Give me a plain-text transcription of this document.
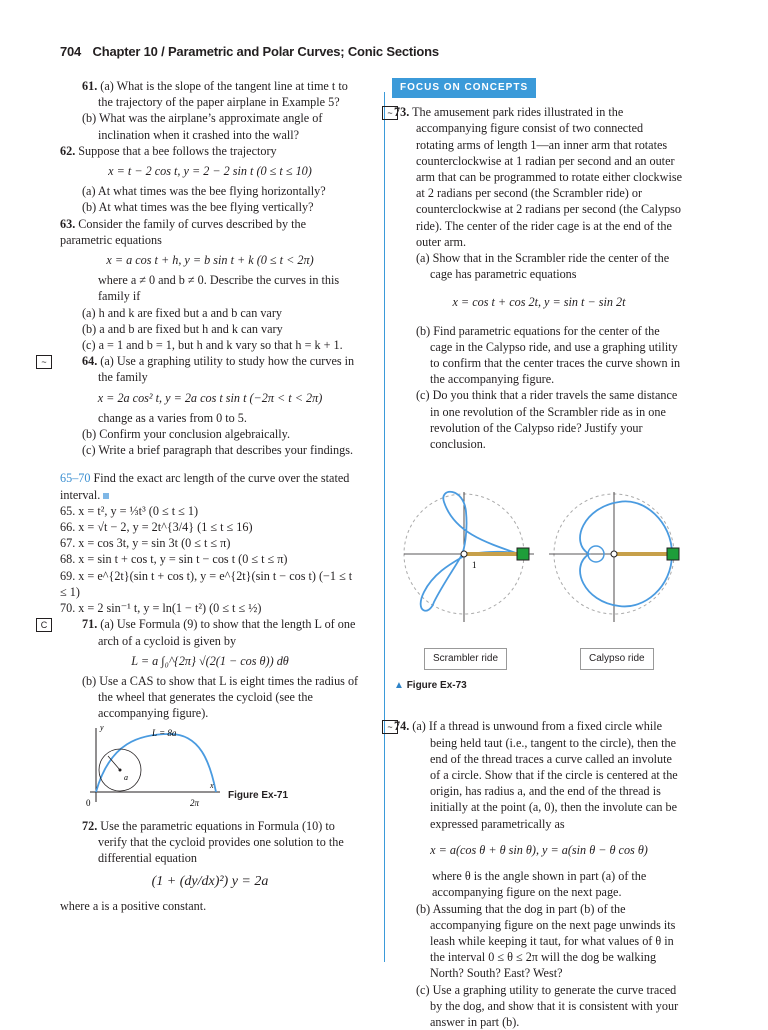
704 Chapter 10 / Parametric and Polar Curves; Conic Sections

61. (a) What is the slope of the tangent line at time t to the trajectory of the paper airplane in Example 5?

(b) What was the airplane’s approximate angle of inclination when it crashed into the wall?

62. Suppose that a bee follows the trajectory

x = t − 2 cos t, y = 2 − 2 sin t (0 ≤ t ≤ 10)

(a) At what times was the bee flying horizontally?

(b) At what times was the bee flying vertically?

63. Consider the family of curves described by the parametric equations

x = a cos t + h, y = b sin t + k (0 ≤ t < 2π)

where a ≠ 0 and b ≠ 0. Describe the curves in this family if

(a) h and k are fixed but a and b can vary

(b) a and b are fixed but h and k can vary

(c) a = 1 and b = 1, but h and k vary so that h = k + 1.

~	64. (a) Use a graphing utility to study how the curves in the family

x = 2a cos² t, y = 2a cos t sin t (−2π < t < 2π)

change as a varies from 0 to 5.

(b) Confirm your conclusion algebraically.

(c) Write a brief paragraph that describes your findings.

65–70 Find the exact arc length of the curve over the stated interval.

65. x = t², y = ⅓t³ (0 ≤ t ≤ 1)

66. x = √t − 2, y = 2t^{3/4} (1 ≤ t ≤ 16)

67. x = cos 3t, y = sin 3t (0 ≤ t ≤ π)

68. x = sin t + cos t, y = sin t − cos t (0 ≤ t ≤ π)

69. x = e^{2t}(sin t + cos t), y = e^{2t}(sin t − cos t) (−1 ≤ t ≤ 1)

70. x = 2 sin⁻¹ t, y = ln(1 − t²) (0 ≤ t ≤ ½)

C	71. (a) Use Formula (9) to show that the length L of one arch of a cycloid is given by

L = a ∫₀^{2π} √(2(1 − cos θ)) dθ

(b) Use a CAS to show that L is eight times the radius of the wheel that generates the cycloid (see the accompanying figure).

L = 8a
y
x
0	2π
a
Figure Ex-71

72. Use the parametric equations in Formula (10) to verify that the cycloid provides one solution to the differential equation

(1 + (dy/dx)²) y = 2a

where a is a positive constant.

FOCUS ON CONCEPTS
~ 73. The amusement park rides illustrated in the accompanying figure consist of two connected rotating arms of length 1—an inner arm that rotates counterclockwise at 1 radian per second and an outer arm that can be programmed to rotate either clockwise at 2 radians per second (the Scrambler ride) or counterclockwise at 2 radians per second (the Calypso ride). The center of the rider cage is at the end of the outer arm.

(a) Show that in the Scrambler ride the center of the cage has parametric equations

x = cos t + cos 2t, y = sin t − sin 2t

(b) Find parametric equations for the center of the cage in the Calypso ride, and use a graphing utility to confirm that the center traces the curve shown in the accompanying figure.

(c) Do you think that a rider travels the same distance in one revolution of the Scrambler ride as in one revolution of the Calypso ride? Justify your conclusion.

1
Scrambler ride	Calypso ride

▲ Figure Ex-73

~ 74. (a) If a thread is unwound from a fixed circle while being held taut (i.e., tangent to the circle), then the end of the thread traces a curve called an involute of a circle. Show that if the circle is centered at the origin, has radius a, and the end of the thread is initially at the point (a, 0), then the involute can be expressed parametrically as

x = a(cos θ + θ sin θ), y = a(sin θ − θ cos θ)

where θ is the angle shown in part (a) of the accompanying figure on the next page.

(b) Assuming that the dog in part (b) of the accompanying figure on the next page unwinds its leash while keeping it taut, for what values of θ in the interval 0 ≤ θ ≤ 2π will the dog be walking North? South? East? West?

(c) Use a graphing utility to generate the curve traced by the dog, and show that it is consistent with your answer in part (b).
